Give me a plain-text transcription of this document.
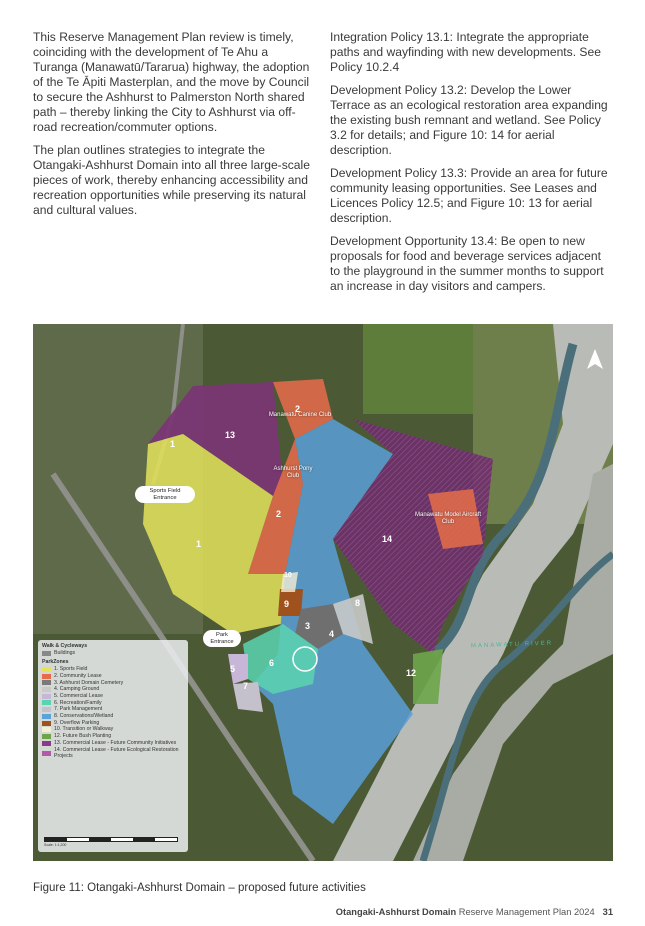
This Reserve Management Plan review is timely, coinciding with the development of Te Ahu a Turanga (Manawatū/Tararua) highway, the adoption of the Te Āpiti Masterplan, and the move by Council to secure the Ashhurst to Palmerston North shared path – thereby linking the City to Ashhurst via off-road recreation/commuter options.

The plan outlines strategies to integrate the Otangaki-Ashhurst Domain into all three large-scale pieces of work, thereby enhancing accessibility and recreation opportunities while preserving its natural and cultural values.

Integration Policy 13.1: Integrate the appropriate paths and wayfinding with new developments. See Policy 10.2.4

Development Policy 13.2: Develop the Lower Terrace as an ecological restoration area expanding the existing bush remnant and wetland. See Policy 3.2 for details; and Figure 10: 14 for aerial description.

Development Policy 13.3: Provide an area for future community leasing opportunities. See Leases and Licences Policy 12.5; and Figure 10: 13 for aerial description.

Development Opportunity 13.4: Be open to new proposals for food and beverage services adjacent to the playground in the summer months to support an increase in day visitors and campers.

Walk & Cycleways
Buildings
ParkZones
1. Sports Field
2. Community Lease
3. Ashhurst Domain Cemetery
4. Camping Ground
5. Commercial Lease
6. Recreation/Family
7. Park Management
8. Conservations/Wetland
9. Overflow Parking
10. Transition or Walkway
12. Future Bush Planting
13. Commercial Lease - Future Community Initiatives
14. Commercial Lease - Future Ecological Restoration Projects
Scale: 1:1,200
Manawatu Canine Club
Ashhurst Pony Club
Manawatu Model Aircraft Club
Sports Field Entrance
Park Entrance	MANAWATU RIVER
1
1
2
2
3
4
5
6
7
8
9
10
12
13
14
Figure 11: Otangaki-Ashhurst Domain – proposed future activities
Otangaki-Ashhurst Domain Reserve Management Plan 2024 31
